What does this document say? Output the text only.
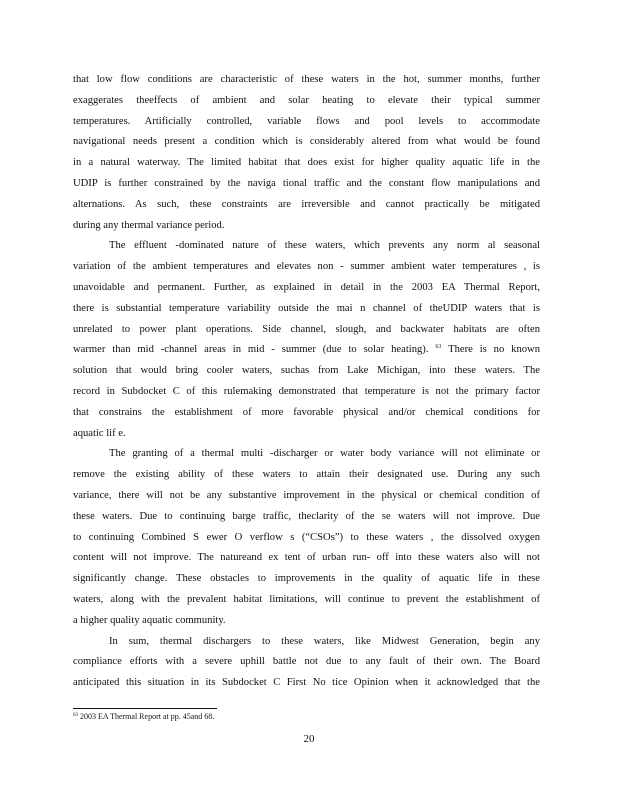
that low flow conditions are characteristic of these waters in the hot, summer months, further
exaggerates theeffects of ambient and solar heating to elevate their typical summer
temperatures. Artificially controlled, variable flows and pool levels to accommodate
navigational needs present a condition which is considerably altered from what would be found
in a natural waterway. The limited habitat that does exist for higher quality aquatic life in the
UDIP is further constrained by the naviga tional traffic and the constant flow manipulations and
alternations. As such, these constraints are irreversible and cannot practically be mitigated
during any thermal variance period.
The effluent -dominated nature of these waters, which prevents any norm al seasonal
variation of the ambient temperatures and elevates non - summer ambient water temperatures , is
unavoidable and permanent. Further, as explained in detail in the 2003 EA Thermal Report,
there is substantial temperature variability outside the mai n channel of theUDIP waters that is
unrelated to power plant operations. Side channel, slough, and backwater habitats are often
warmer than mid -channel areas in mid - summer (due to solar heating). $^{63}$ There is no known
solution that would bring cooler waters, suchas from Lake Michigan, into these waters. The
record in Subdocket C of this rulemaking demonstrated that temperature is not the primary factor
that constrains the establishment of more favorable physical and/or chemical conditions for
aquatic lif e.
The granting of a thermal multi -discharger or water body variance will not eliminate or
remove the existing ability of these waters to attain their designated use. During any such
variance, there will not be any substantive improvement in the physical or chemical condition of
these waters. Due to continuing barge traffic, theclarity of the se waters will not improve. Due
to continuing Combined S ewer O verflow s (“CSOs”) to these waters , the dissolved oxygen
content will not improve. The natureand ex tent of urban run- off into these waters also will not
significantly change. These obstacles to improvements in the quality of aquatic life in these
waters, along with the prevalent habitat limitations, will continue to prevent the establishment of
a higher quality aquatic community.
In sum, thermal dischargers to these waters, like Midwest Generation, begin any
compliance efforts with a severe uphill battle not due to any fault of their own. The Board
anticipated this situation in its Subdocket C First No tice Opinion when it acknowledged that the
$^{63}$ 2003 EA Thermal Report at pp. 45and 68.
20
